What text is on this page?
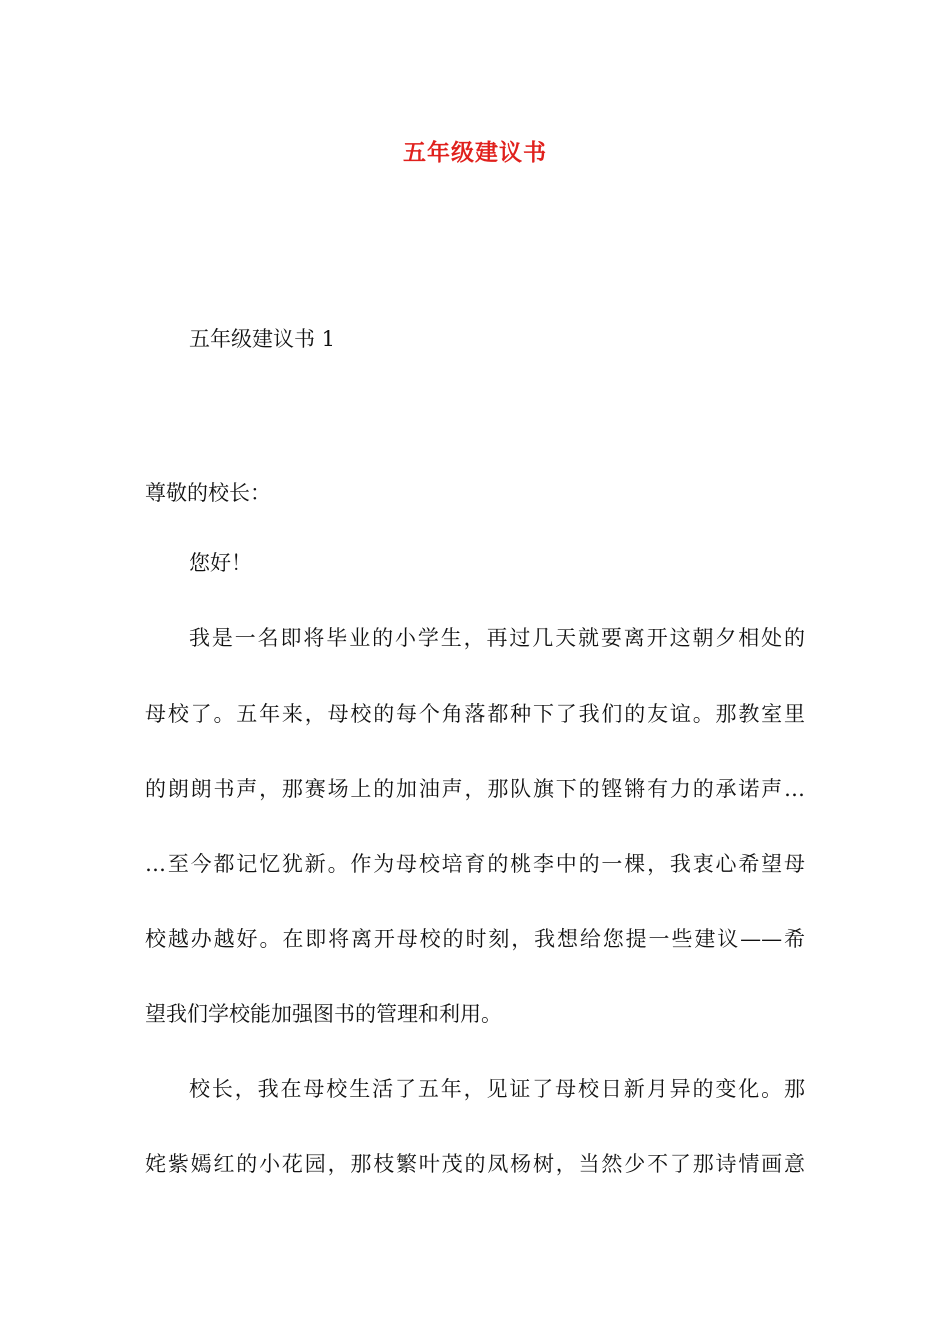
五年级建议书
五年级建议书 1
尊敬的校长：
您好！
我是一名即将毕业的小学生，再过几天就要离开这朝夕相处的
母校了。五年来，母校的每个角落都种下了我们的友谊。那教室里
的朗朗书声，那赛场上的加油声，那队旗下的铿锵有力的承诺声…
…至今都记忆犹新。作为母校培育的桃李中的一棵，我衷心希望母
校越办越好。在即将离开母校的时刻，我想给您提一些建议——希
望我们学校能加强图书的管理和利用。
校长，我在母校生活了五年，见证了母校日新月异的变化。那
姹紫嫣红的小花园，那枝繁叶茂的凤杨树，当然少不了那诗情画意
